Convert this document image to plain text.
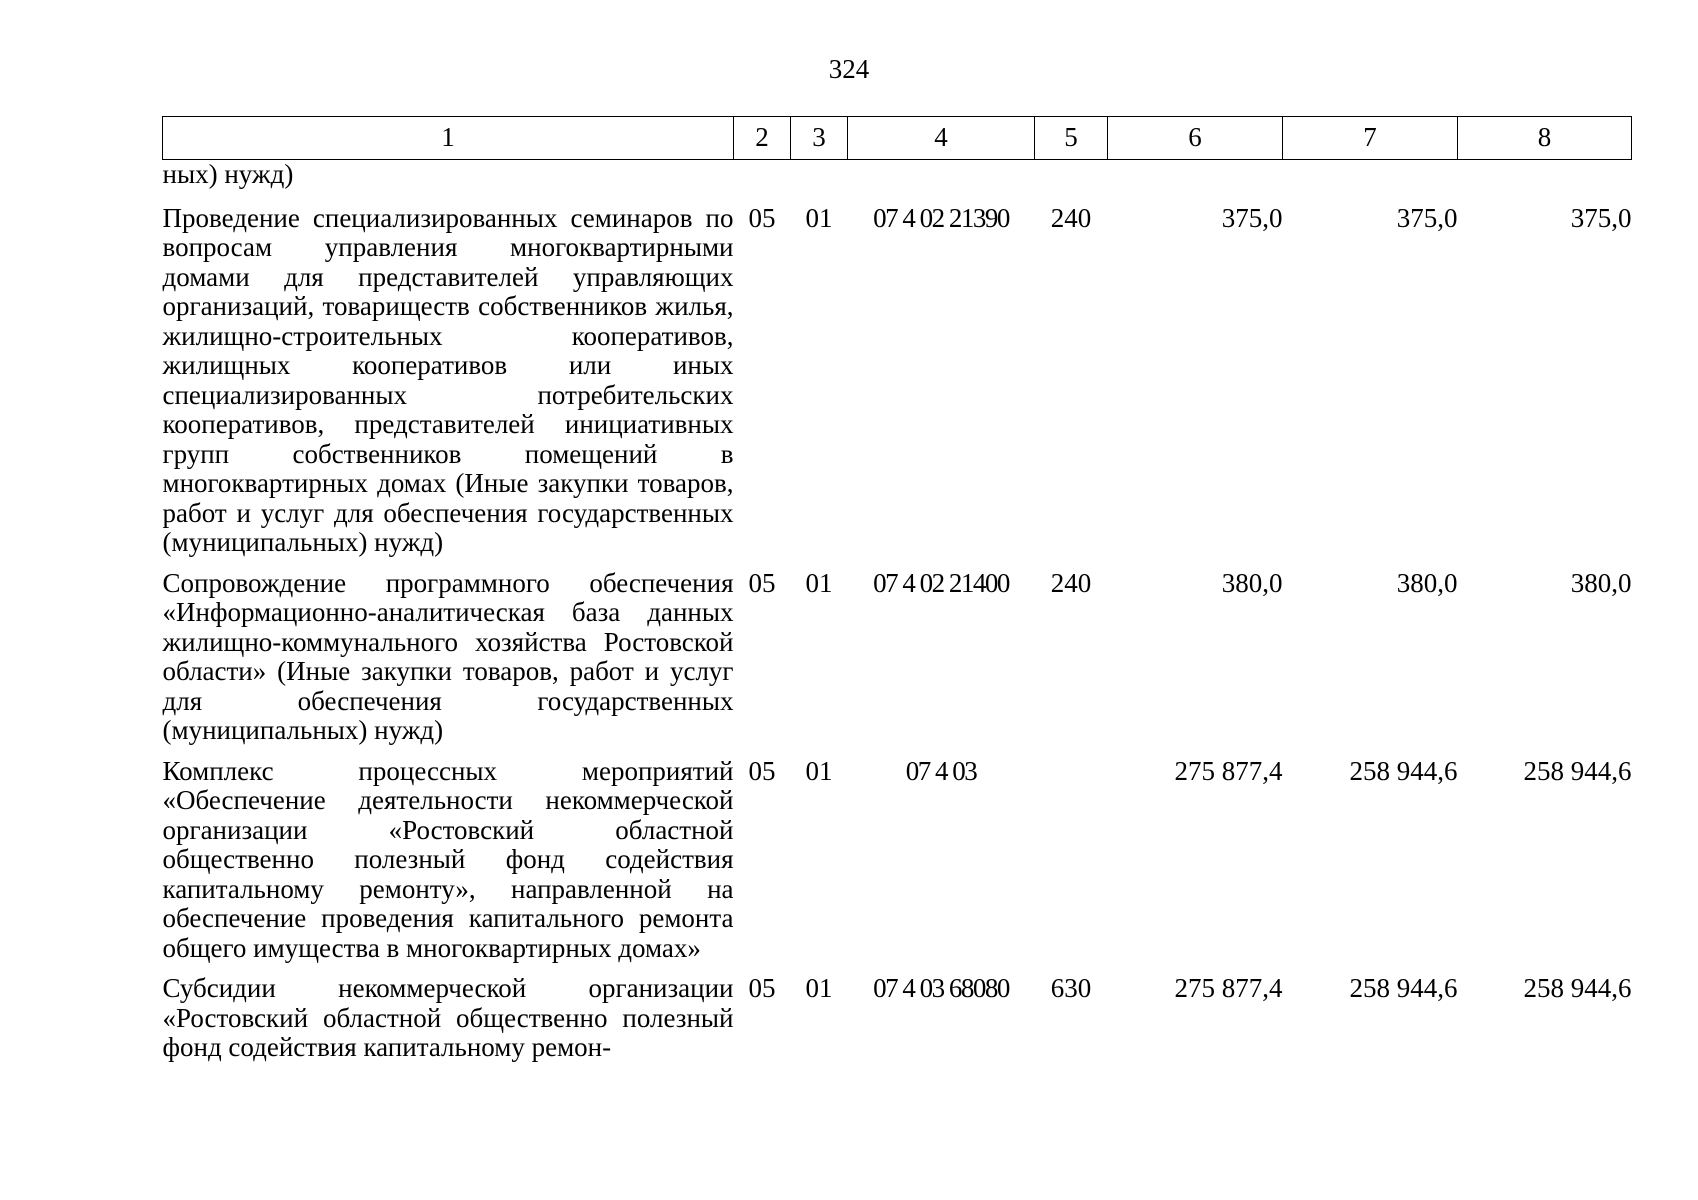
324
1	2	3	4	5	6	7	8
ных) нужд)							
Проведение специализированных семинаров по вопросам управления многоквартирными домами для представителей управляющих организаций, товариществ собственников жилья, жилищно-строительных кооперативов, жилищных кооперативов или иных специализированных потребительских кооперативов, представителей инициативных групп собственников помещений в многоквартирных домах (Иные закупки товаров, работ и услуг для обеспечения государственных (муниципальных) нужд)	05	01	07 4 02 21390	240	375,0	375,0	375,0
Сопровождение программного обеспечения «Информационно-аналитическая база данных жилищно-коммунального хозяйства Ростовской области» (Иные закупки товаров, работ и услуг для обеспечения государственных (муниципальных) нужд)	05	01	07 4 02 21400	240	380,0	380,0	380,0
Комплекс процессных мероприятий «Обеспечение деятельности некоммерческой организации «Ростовский областной общественно полезный фонд содействия капитальному ремонту», направленной на обеспечение проведения капитального ремонта общего имущества в многоквартирных домах»	05	01	07 4 03		275 877,4	258 944,6	258 944,6
Субсидии некоммерческой организации «Ростовский областной общественно полезный фонд содействия капитальному ремон-	05	01	07 4 03 68080	630	275 877,4	258 944,6	258 944,6
